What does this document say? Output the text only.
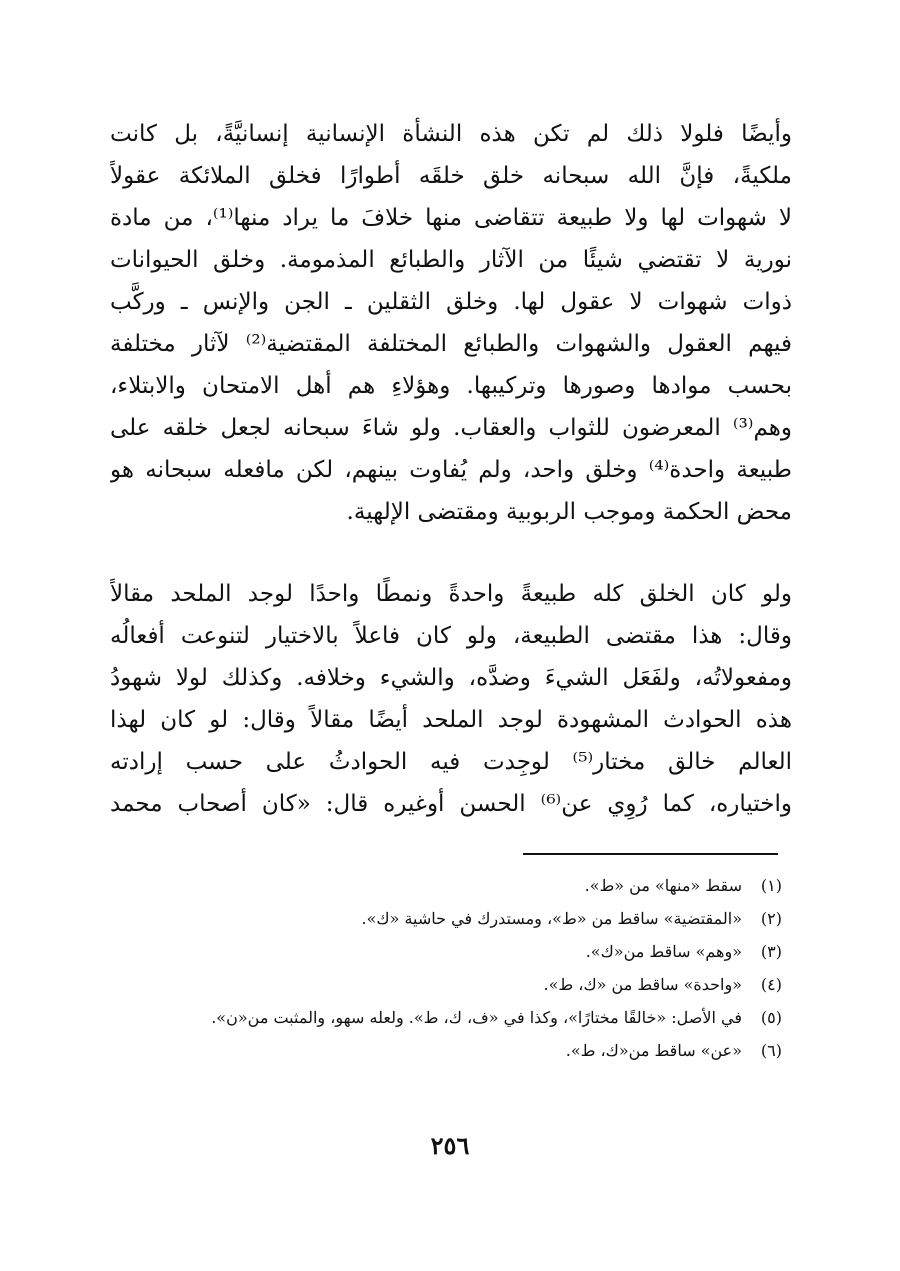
وأيضًا فلولا ذلك لم تكن هذه النشأة الإنسانية إنسانيَّةً، بل كانت
ملكيةً، فإنَّ الله سبحانه خلق خلقَه أطوارًا فخلق الملائكة عقولاً
لا شهوات لها ولا طبيعة تتقاضى منها خلافَ ما يراد منها⁽¹⁾، من مادة
نورية لا تقتضي شيئًا من الآثار والطبائع المذمومة. وخلق الحيوانات
ذوات شهوات لا عقول لها. وخلق الثقلين ـ الجن والإنس ـ وركَّب
فيهم العقول والشهوات والطبائع المختلفة المقتضية⁽²⁾ لآثار مختلفة
بحسب موادها وصورها وتركيبها. وهؤلاءِ هم أهل الامتحان والابتلاء،
وهم⁽³⁾ المعرضون للثواب والعقاب. ولو شاءَ سبحانه لجعل خلقه على
طبيعة واحدة⁽⁴⁾ وخلق واحد، ولم يُفاوت بينهم، لكن مافعله سبحانه هو
محض الحكمة وموجب الربوبية ومقتضى الإلهية.
ولو كان الخلق كله طبيعةً واحدةً ونمطًا واحدًا لوجد الملحد مقالاً
وقال: هذا مقتضى الطبيعة، ولو كان فاعلاً بالاختيار لتنوعت أفعالُه
ومفعولاتُه، ولفَعَل الشيءَ وضدَّه، والشيء وخلافه. وكذلك لولا شهودُ
هذه الحوادث المشهودة لوجد الملحد أيضًا مقالاً وقال: لو كان لهذا
العالم خالق مختار⁽⁵⁾ لوجِدت فيه الحوادثُ على حسب إرادته
واختياره، كما رُوِي عن⁽⁶⁾ الحسن أوغيره قال: «كان أصحاب محمد
(١)
سقط «منها» من «ط».
(٢)
«المقتضية» ساقط من «ط»، ومستدرك في حاشية «ك».
(٣)
«وهم» ساقط من«ك».
(٤)
«واحدة» ساقط من «ك، ط».
(٥)
في الأصل: «خالقًا مختارًا»، وكذا في «ف، ك، ط». ولعله سهو، والمثبت من«ن».
(٦)
«عن» ساقط من«ك، ط».
٢٥٦
